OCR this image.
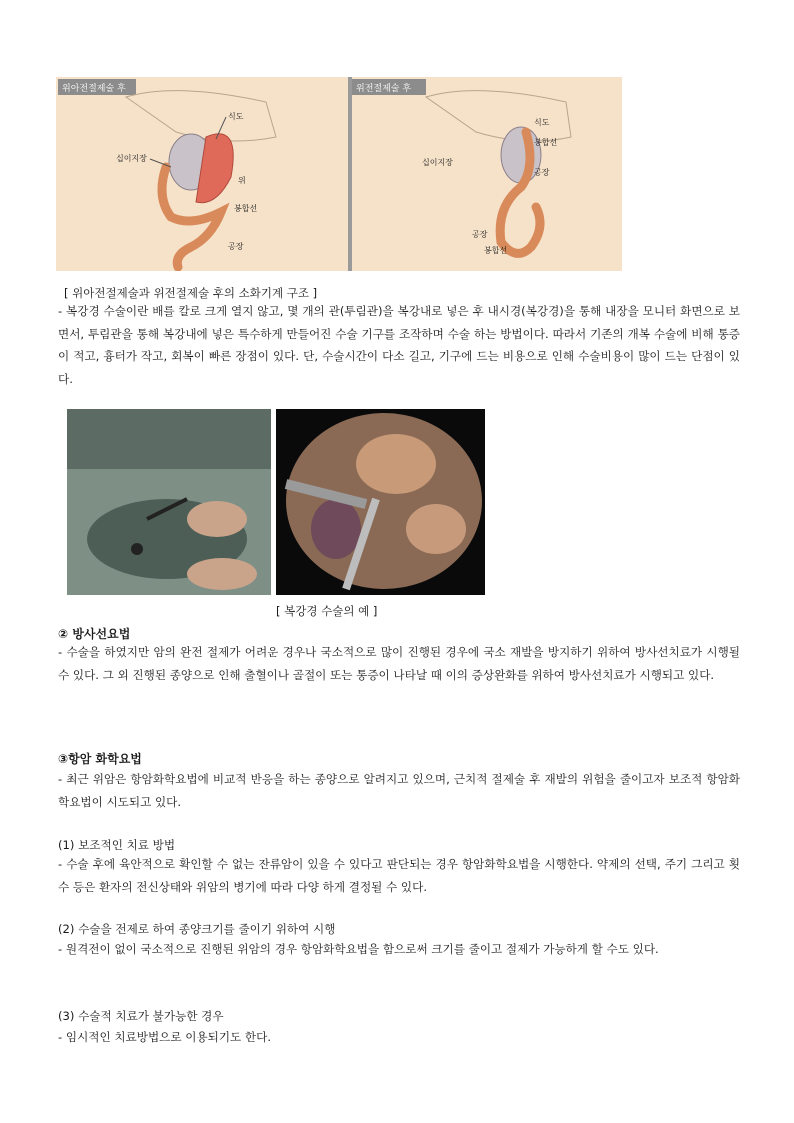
위아전절제술 후
식도
십이지장
위
봉합선
공장
위전절제술 후
식도
봉합선
십이지장
공장
공장
봉합선
[ 위아전절제술과 위전절제술 후의 소화기계 구조 ]

- 복강경 수술이란 배를 칼로 크게 열지 않고, 몇 개의 관(투림관)을 복강내로 넣은 후 내시경(복강경)을 통해 내장을 모니터 화면으로 보면서, 투림관을 통해 복강내에 넣은 특수하게 만들어진 수술 기구를 조작하며 수술 하는 방법이다. 따라서 기존의 개복 수술에 비해 통증이 적고, 흉터가 작고, 회복이 빠른 장점이 있다. 단, 수술시간이 다소 길고, 기구에 드는 비용으로 인해 수술비용이 많이 드는 단점이 있다.

[ 복강경 수술의 예 ]
② 방사선요법

- 수술을 하였지만 암의 완전 절제가 어려운 경우나 국소적으로 많이 진행된 경우에 국소 재발을 방지하기 위하여 방사선치료가 시행될 수 있다. 그 외 진행된 종양으로 인해 출혈이나 골절이 또는 통증이 나타날 때 이의 증상완화를 위하여 방사선치료가 시행되고 있다.

③항암 화학요법

- 최근 위암은 항암화학요법에 비교적 반응을 하는 종양으로 알려지고 있으며, 근치적 절제술 후 재발의 위험을 줄이고자 보조적 항암화학요법이 시도되고 있다.

(1) 보조적인 치료 방법

- 수술 후에 육안적으로 확인할 수 없는 잔류암이 있을 수 있다고 판단되는 경우 항암화학요법을 시행한다. 약제의 선택, 주기 그리고 횟수 등은 환자의 전신상태와 위암의 병기에 따라 다양 하게 결정될 수 있다.

(2) 수술을 전제로 하여 종양크기를 줄이기 위하여 시행

- 원격전이 없이 국소적으로 진행된 위암의 경우 항암화학요법을 함으로써 크기를 줄이고 절제가 가능하게 할 수도 있다.

(3) 수술적 치료가 불가능한 경우

- 임시적인 치료방법으로 이용되기도 한다.
